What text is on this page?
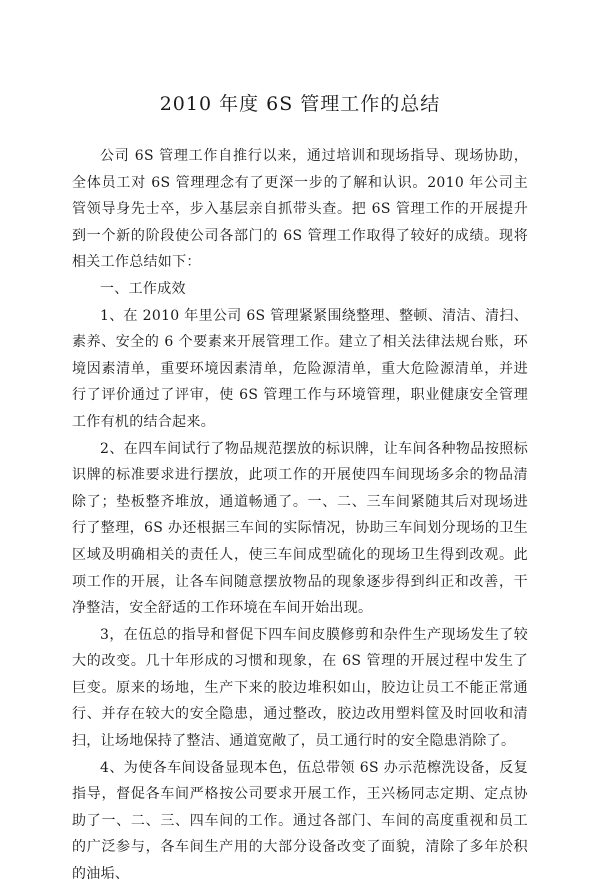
2010 年度 6S 管理工作的总结

公司 6S 管理工作自推行以来，通过培训和现场指导、现场协助，全体员工对 6S 管理理念有了更深一步的了解和认识。2010 年公司主管领导身先士卒，步入基层亲自抓带头查。把 6S 管理工作的开展提升到一个新的阶段使公司各部门的 6S 管理工作取得了较好的成绩。现将相关工作总结如下：

一、工作成效

1、在 2010 年里公司 6S 管理紧紧围绕整理、整顿、清洁、清扫、素养、安全的 6 个要素来开展管理工作。建立了相关法律法规台账，环境因素清单，重要环境因素清单，危险源清单，重大危险源清单，并进行了评价通过了评审，使 6S 管理工作与环境管理，职业健康安全管理工作有机的结合起来。

2、在四车间试行了物品规范摆放的标识牌，让车间各种物品按照标识牌的标准要求进行摆放，此项工作的开展使四车间现场多余的物品清除了；垫板整齐堆放，通道畅通了。一、二、三车间紧随其后对现场进行了整理，6S 办还根据三车间的实际情况，协助三车间划分现场的卫生区域及明确相关的责任人，使三车间成型硫化的现场卫生得到改观。此项工作的开展，让各车间随意摆放物品的现象逐步得到纠正和改善，干净整洁，安全舒适的工作环境在车间开始出现。

3，在伍总的指导和督促下四车间皮膜修剪和杂件生产现场发生了较大的改变。几十年形成的习惯和现象，在 6S 管理的开展过程中发生了巨变。原来的场地，生产下来的胶边堆积如山，胶边让员工不能正常通行、并存在较大的安全隐患，通过整改，胶边改用塑料筐及时回收和清扫，让场地保持了整洁、通道宽敞了，员工通行时的安全隐患消除了。

4、为使各车间设备显现本色，伍总带领 6S 办示范檫洗设备，反复指导，督促各车间严格按公司要求开展工作，王兴杨同志定期、定点协助了一、二、三、四车间的工作。通过各部门、车间的高度重视和员工的广泛参与，各车间生产用的大部分设备改变了面貌，清除了多年於积的油垢、
